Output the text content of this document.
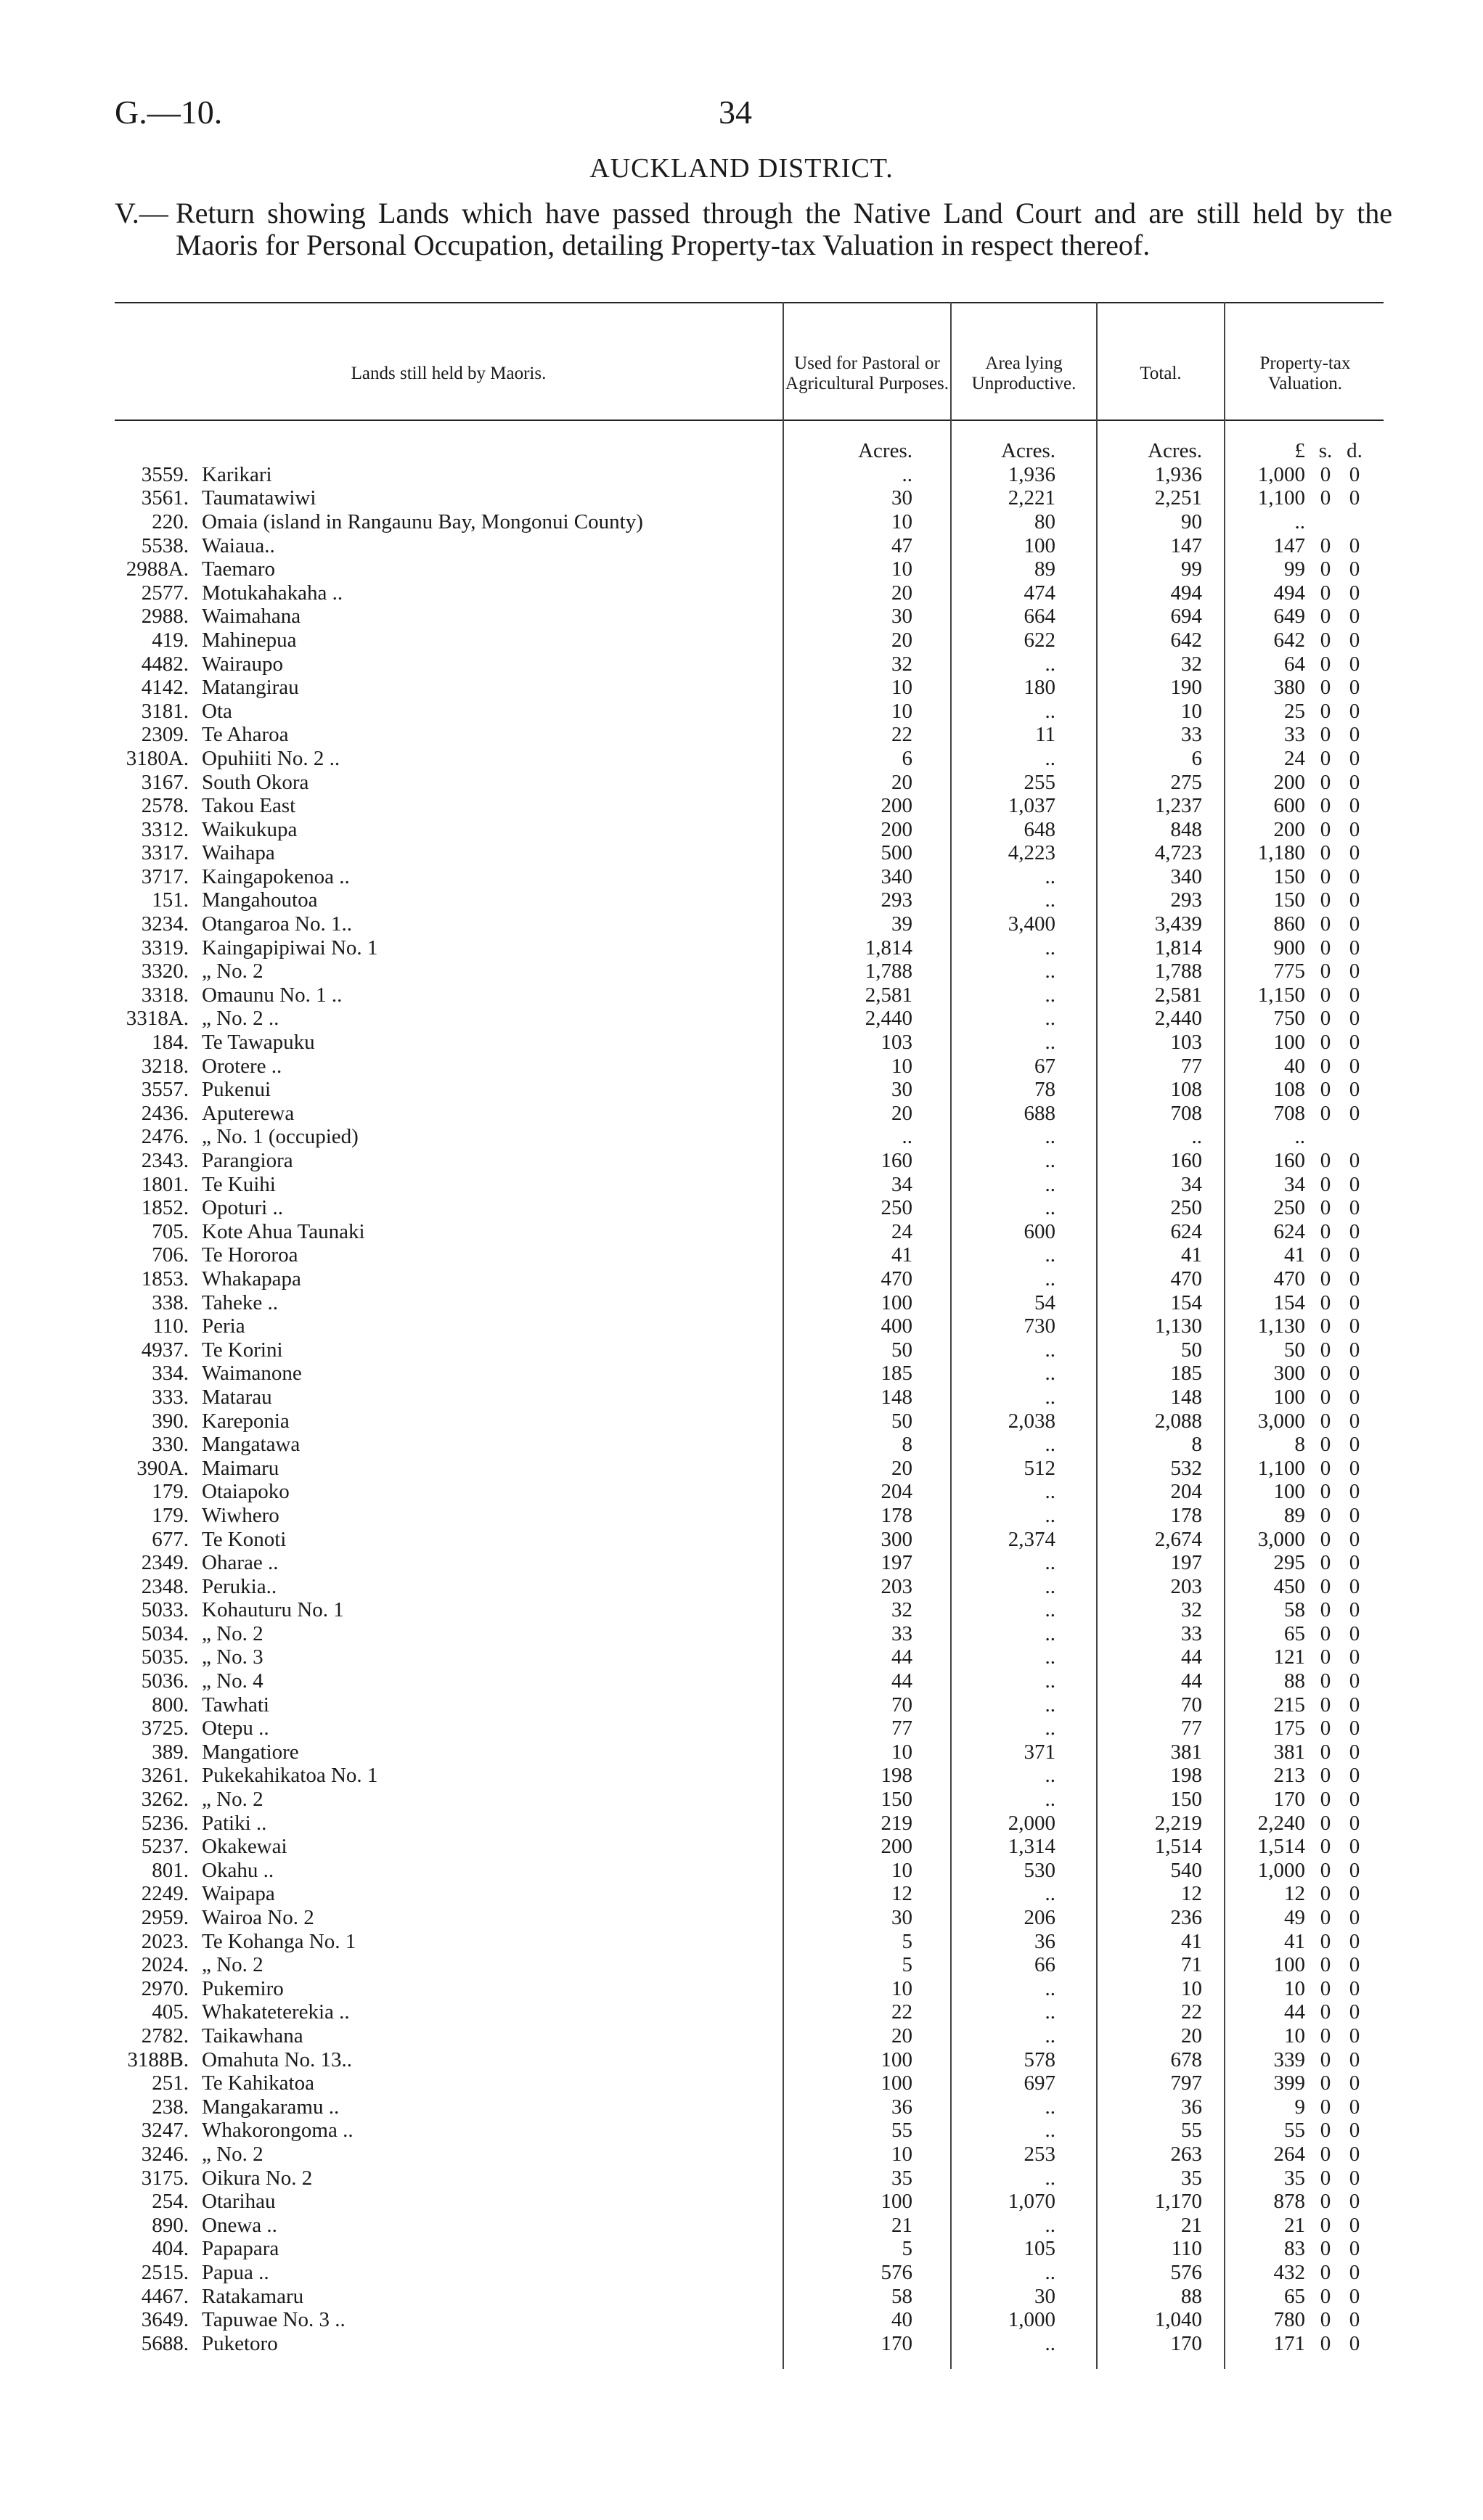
G.—10.	34
AUCKLAND DISTRICT.
V.— Return showing Lands which have passed through the Native Land Court and are still held by the Maoris for Personal Occupation, detailing Property-tax Valuation in respect thereof.
Lands still held by Maoris.
Used for Pastoral or Agricultural Purposes.
Area lying Unproductive.
Total.
Property-tax Valuation.
Acres.	Acres.	Acres.	£ s. d.
3559. Karikari	..	1,936	1,936	1,000 0 0
3561. Taumatawiwi	30	2,221	2,251	1,100 0 0
220. Omaia (island in Rangaunu Bay, Mongonui County)	10	80	90	..
5538. Waiaua..	47	100	147	147 0 0
2988A. Taemaro	10	89	99	99 0 0
2577. Motukahakaha ..	20	474	494	494 0 0
2988. Waimahana	30	664	694	649 0 0
419. Mahinepua	20	622	642	642 0 0
4482. Wairaupo	32	..	32	64 0 0
4142. Matangirau	10	180	190	380 0 0
3181. Ota	10	..	10	25 0 0
2309. Te Aharoa	22	11	33	33 0 0
3180A. Opuhiiti No. 2 ..	6	..	6	24 0 0
3167. South Okora	20	255	275	200 0 0
2578. Takou East	200	1,037	1,237	600 0 0
3312. Waikukupa	200	648	848	200 0 0
3317. Waihapa	500	4,223	4,723	1,180 0 0
3717. Kaingapokenoa ..	340	..	340	150 0 0
151. Mangahoutoa	293	..	293	150 0 0
3234. Otangaroa No. 1..	39	3,400	3,439	860 0 0
3319. Kaingapipiwai No. 1	1,814	..	1,814	900 0 0
3320. „ No. 2	1,788	..	1,788	775 0 0
3318. Omaunu No. 1 ..	2,581	..	2,581	1,150 0 0
3318A. „ No. 2 ..	2,440	..	2,440	750 0 0
184. Te Tawapuku	103	..	103	100 0 0
3218. Orotere ..	10	67	77	40 0 0
3557. Pukenui	30	78	108	108 0 0
2436. Aputerewa	20	688	708	708 0 0
2476. „ No. 1 (occupied)	..	..	..	..
2343. Parangiora	160	..	160	160 0 0
1801. Te Kuihi	34	..	34	34 0 0
1852. Opoturi ..	250	..	250	250 0 0
705. Kote Ahua Taunaki	24	600	624	624 0 0
706. Te Hororoa	41	..	41	41 0 0
1853. Whakapapa	470	..	470	470 0 0
338. Taheke ..	100	54	154	154 0 0
110. Peria	400	730	1,130	1,130 0 0
4937. Te Korini	50	..	50	50 0 0
334. Waimanone	185	..	185	300 0 0
333. Matarau	148	..	148	100 0 0
390. Kareponia	50	2,038	2,088	3,000 0 0
330. Mangatawa	8	..	8	8 0 0
390A. Maimaru	20	512	532	1,100 0 0
179. Otaiapoko	204	..	204	100 0 0
179. Wiwhero	178	..	178	89 0 0
677. Te Konoti	300	2,374	2,674	3,000 0 0
2349. Oharae ..	197	..	197	295 0 0
2348. Perukia..	203	..	203	450 0 0
5033. Kohauturu No. 1	32	..	32	58 0 0
5034. „ No. 2	33	..	33	65 0 0
5035. „ No. 3	44	..	44	121 0 0
5036. „ No. 4	44	..	44	88 0 0
800. Tawhati	70	..	70	215 0 0
3725. Otepu ..	77	..	77	175 0 0
389. Mangatiore	10	371	381	381 0 0
3261. Pukekahikatoa No. 1	198	..	198	213 0 0
3262. „ No. 2	150	..	150	170 0 0
5236. Patiki ..	219	2,000	2,219	2,240 0 0
5237. Okakewai	200	1,314	1,514	1,514 0 0
801. Okahu ..	10	530	540	1,000 0 0
2249. Waipapa	12	..	12	12 0 0
2959. Wairoa No. 2	30	206	236	49 0 0
2023. Te Kohanga No. 1	5	36	41	41 0 0
2024. „ No. 2	5	66	71	100 0 0
2970. Pukemiro	10	..	10	10 0 0
405. Whakateterekia ..	22	..	22	44 0 0
2782. Taikawhana	20	..	20	10 0 0
3188B. Omahuta No. 13..	100	578	678	339 0 0
251. Te Kahikatoa	100	697	797	399 0 0
238. Mangakaramu ..	36	..	36	9 0 0
3247. Whakorongoma ..	55	..	55	55 0 0
3246. „ No. 2	10	253	263	264 0 0
3175. Oikura No. 2	35	..	35	35 0 0
254. Otarihau	100	1,070	1,170	878 0 0
890. Onewa ..	21	..	21	21 0 0
404. Papapara	5	105	110	83 0 0
2515. Papua ..	576	..	576	432 0 0
4467. Ratakamaru	58	30	88	65 0 0
3649. Tapuwae No. 3 ..	40	1,000	1,040	780 0 0
5688. Puketoro	170	..	170	171 0 0
